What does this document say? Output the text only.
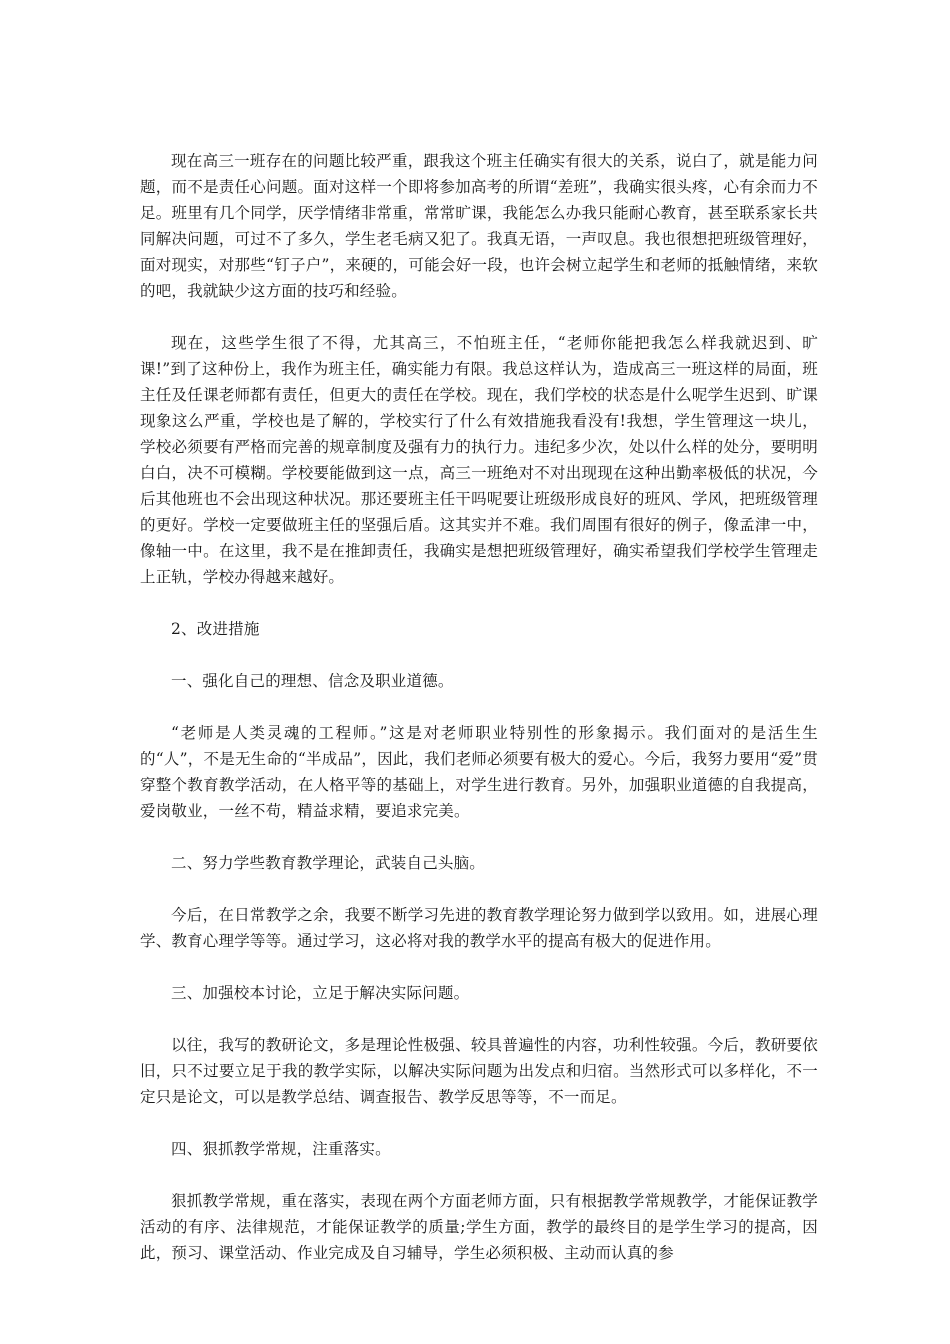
现在高三一班存在的问题比较严重，跟我这个班主任确实有很大的关系，说白了，就是能力问题，而不是责任心问题。面对这样一个即将参加高考的所谓“差班”，我确实很头疼，心有余而力不足。班里有几个同学，厌学情绪非常重，常常旷课，我能怎么办我只能耐心教育，甚至联系家长共同解决问题，可过不了多久，学生老毛病又犯了。我真无语，一声叹息。我也很想把班级管理好，面对现实，对那些“钉子户”，来硬的，可能会好一段，也许会树立起学生和老师的抵触情绪，来软的吧，我就缺少这方面的技巧和经验。

现在，这些学生很了不得，尤其高三，不怕班主任，“老师你能把我怎么样我就迟到、旷课!”到了这种份上，我作为班主任，确实能力有限。我总这样认为，造成高三一班这样的局面，班主任及任课老师都有责任，但更大的责任在学校。现在，我们学校的状态是什么呢学生迟到、旷课现象这么严重，学校也是了解的，学校实行了什么有效措施我看没有!我想，学生管理这一块儿，学校必须要有严格而完善的规章制度及强有力的执行力。违纪多少次，处以什么样的处分，要明明白白，决不可模糊。学校要能做到这一点，高三一班绝对不对出现现在这种出勤率极低的状况，今后其他班也不会出现这种状况。那还要班主任干吗呢要让班级形成良好的班风、学风，把班级管理的更好。学校一定要做班主任的坚强后盾。这其实并不难。我们周围有很好的例子，像孟津一中，像轴一中。在这里，我不是在推卸责任，我确实是想把班级管理好，确实希望我们学校学生管理走上正轨，学校办得越来越好。

2、改进措施

一、强化自己的理想、信念及职业道德。

“老师是人类灵魂的工程师。”这是对老师职业特别性的形象揭示。我们面对的是活生生的“人”，不是无生命的“半成品”，因此，我们老师必须要有极大的爱心。今后，我努力要用“爱”贯穿整个教育教学活动，在人格平等的基础上，对学生进行教育。另外，加强职业道德的自我提高，爱岗敬业，一丝不苟，精益求精，要追求完美。

二、努力学些教育教学理论，武装自己头脑。

今后，在日常教学之余，我要不断学习先进的教育教学理论努力做到学以致用。如，进展心理学、教育心理学等等。通过学习，这必将对我的教学水平的提高有极大的促进作用。

三、加强校本讨论，立足于解决实际问题。

以往，我写的教研论文，多是理论性极强、较具普遍性的内容，功利性较强。今后，教研要依旧，只不过要立足于我的教学实际，以解决实际问题为出发点和归宿。当然形式可以多样化，不一定只是论文，可以是教学总结、调查报告、教学反思等等，不一而足。

四、狠抓教学常规，注重落实。

狠抓教学常规，重在落实，表现在两个方面老师方面，只有根据教学常规教学，才能保证教学活动的有序、法律规范，才能保证教学的质量;学生方面，教学的最终目的是学生学习的提高，因此，预习、课堂活动、作业完成及自习辅导，学生必须积极、主动而认真的参
